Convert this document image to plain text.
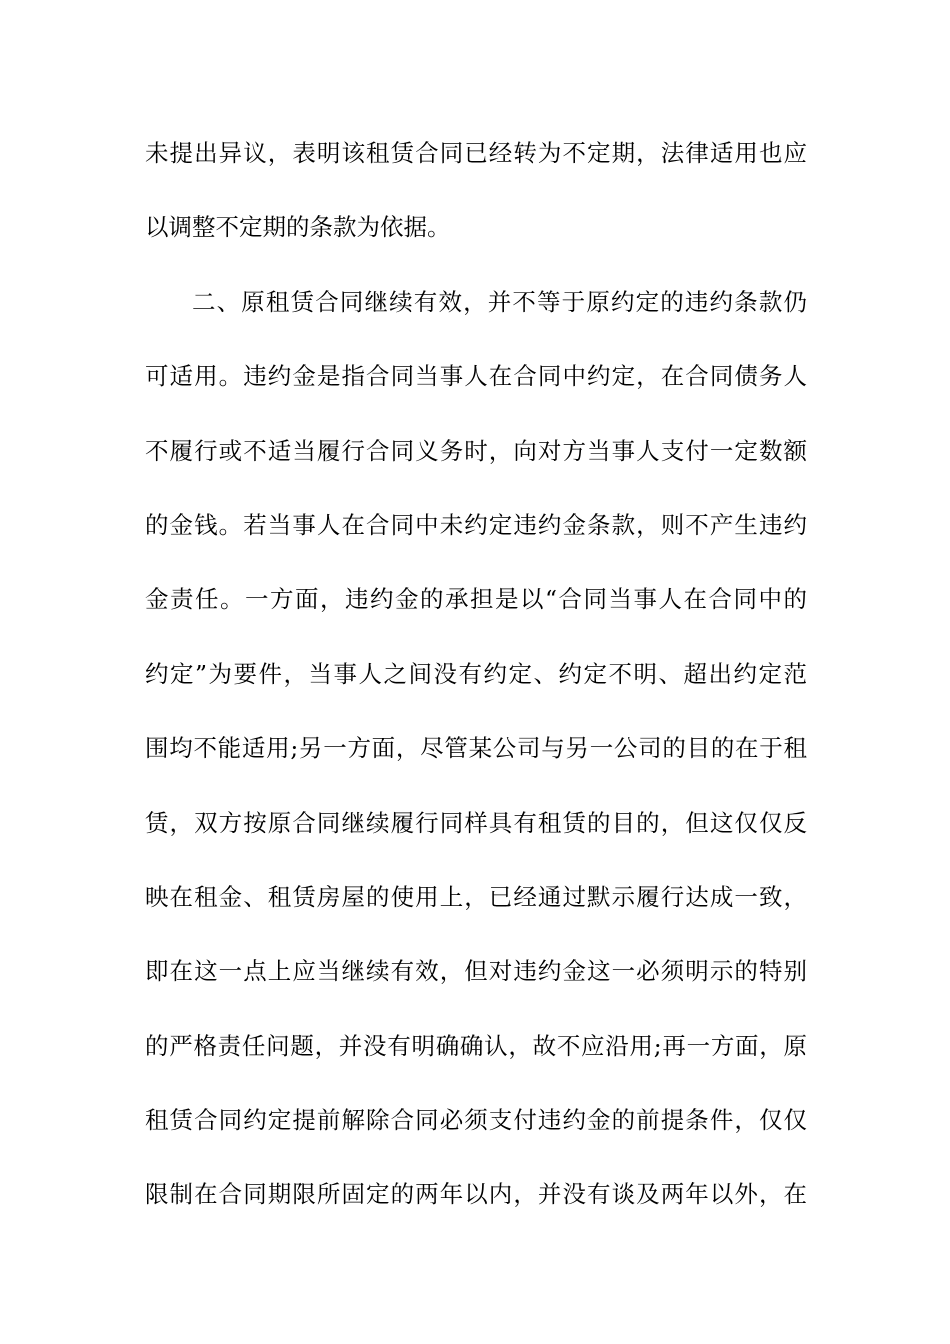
未提出异议，表明该租赁合同已经转为不定期，法律适用也应
以调整不定期的条款为依据。
二、原租赁合同继续有效，并不等于原约定的违约条款仍
可适用。违约金是指合同当事人在合同中约定，在合同债务人
不履行或不适当履行合同义务时，向对方当事人支付一定数额
的金钱。若当事人在合同中未约定违约金条款，则不产生违约
金责任。一方面，违约金的承担是以“合同当事人在合同中的
约定”为要件，当事人之间没有约定、约定不明、超出约定范
围均不能适用;另一方面，尽管某公司与另一公司的目的在于租
赁，双方按原合同继续履行同样具有租赁的目的，但这仅仅反
映在租金、租赁房屋的使用上，已经通过默示履行达成一致，
即在这一点上应当继续有效，但对违约金这一必须明示的特别
的严格责任问题，并没有明确确认，故不应沿用;再一方面，原
租赁合同约定提前解除合同必须支付违约金的前提条件，仅仅
限制在合同期限所固定的两年以内，并没有谈及两年以外，在
